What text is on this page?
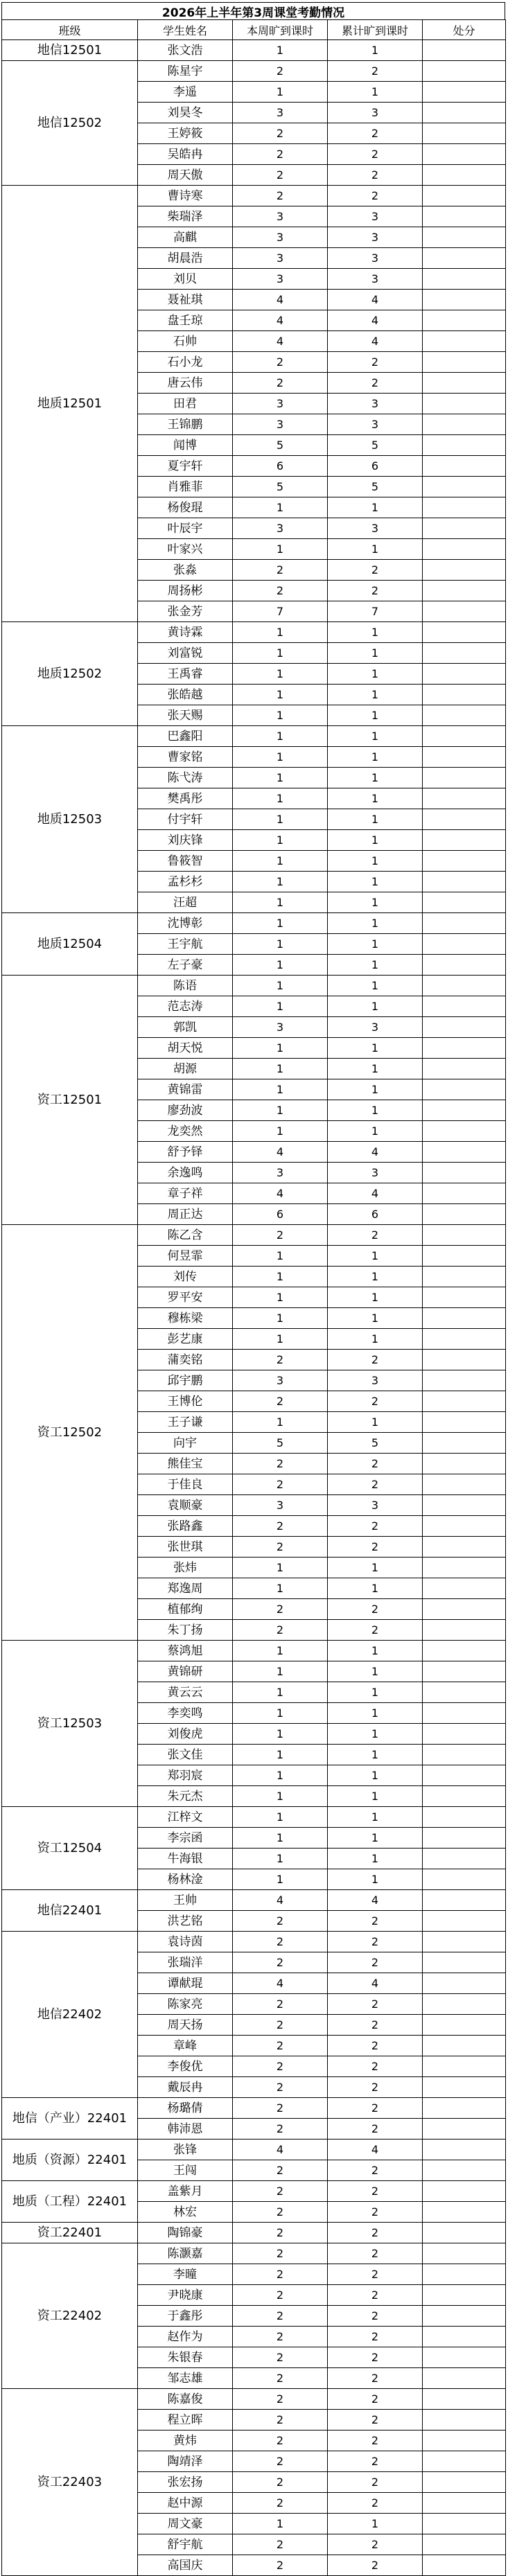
2026年上半年第3周课堂考勤情况
班级	学生姓名	本周旷到课时	累计旷到课时	处分
地信12501	张文浩	1	1	
地信12502	陈星宇	2	2	
	李遥	1	1	
	刘昊冬	3	3	
	王婷筱	2	2	
	吴皓冉	2	2	
	周天傲	2	2	
地质12501	曹诗寒	2	2	
	柴瑞泽	3	3	
	高麒	3	3	
	胡晨浩	3	3	
	刘贝	3	3	
	聂祉琪	4	4	
	盘壬琼	4	4	
	石帅	4	4	
	石小龙	2	2	
	唐云伟	2	2	
	田君	3	3	
	王锦鹏	3	3	
	闻博	5	5	
	夏宇轩	6	6	
	肖雅菲	5	5	
	杨俊琨	1	1	
	叶辰宇	3	3	
	叶家兴	1	1	
	张淼	2	2	
	周扬彬	2	2	
	张金芳	7	7	
地质12502	黄诗霖	1	1	
	刘富锐	1	1	
	王禹睿	1	1	
	张皓越	1	1	
	张天赐	1	1	
地质12503	巴鑫阳	1	1	
	曹家铭	1	1	
	陈弋涛	1	1	
	樊禹彤	1	1	
	付宇轩	1	1	
	刘庆锋	1	1	
	鲁筱智	1	1	
	孟杉杉	1	1	
	汪超	1	1	
地质12504	沈博彰	1	1	
	王宇航	1	1	
	左子豪	1	1	
资工12501	陈语	1	1	
	范志涛	1	1	
	郭凯	3	3	
	胡天悦	1	1	
	胡源	1	1	
	黄锦雷	1	1	
	廖劲波	1	1	
	龙奕然	1	1	
	舒予铎	4	4	
	余逸鸣	3	3	
	章子祥	4	4	
	周正达	6	6	
资工12502	陈乙含	2	2	
	何昱霏	1	1	
	刘传	1	1	
	罗平安	1	1	
	穆栋梁	1	1	
	彭艺康	1	1	
	蒲奕铭	2	2	
	邱宇鹏	3	3	
	王博伦	2	2	
	王子谦	1	1	
	向宇	5	5	
	熊佳宝	2	2	
	于佳良	2	2	
	袁顺豪	3	3	
	张路鑫	2	2	
	张世琪	2	2	
	张炜	1	1	
	郑逸周	1	1	
	植郁绚	2	2	
	朱丁扬	2	2	
资工12503	蔡鸿旭	1	1	
	黄锦研	1	1	
	黄云云	1	1	
	李奕鸣	1	1	
	刘俊虎	1	1	
	张文佳	1	1	
	郑羽宸	1	1	
	朱元杰	1	1	
资工12504	江梓文	1	1	
	李宗函	1	1	
	牛海银	1	1	
	杨林淦	1	1	
地信22401	王帅	4	4	
	洪艺铭	2	2	
地信22402	袁诗茵	2	2	
	张瑞洋	2	2	
	谭献琨	4	4	
	陈家亮	2	2	
	周天扬	2	2	
	章峰	2	2	
	李俊优	2	2	
	戴辰冉	2	2	
地信（产业）22401	杨璐倩	2	2	
	韩沛恩	2	2	
地质（资源）22401	张锋	4	4	
	王闯	2	2	
地质（工程）22401	盖紫月	2	2	
	林宏	2	2	
资工22401	陶锦豪	2	2	
资工22402	陈灏嘉	2	2	
	李曈	2	2	
	尹晓康	2	2	
	于鑫彤	2	2	
	赵作为	2	2	
	朱银春	2	2	
	邹志雄	2	2	
资工22403	陈嘉俊	2	2	
	程立晖	2	2	
	黄炜	2	2	
	陶靖泽	2	2	
	张宏扬	2	2	
	赵中源	2	2	
	周文豪	1	1	
	舒宇航	2	2	
	高国庆	2	2	
